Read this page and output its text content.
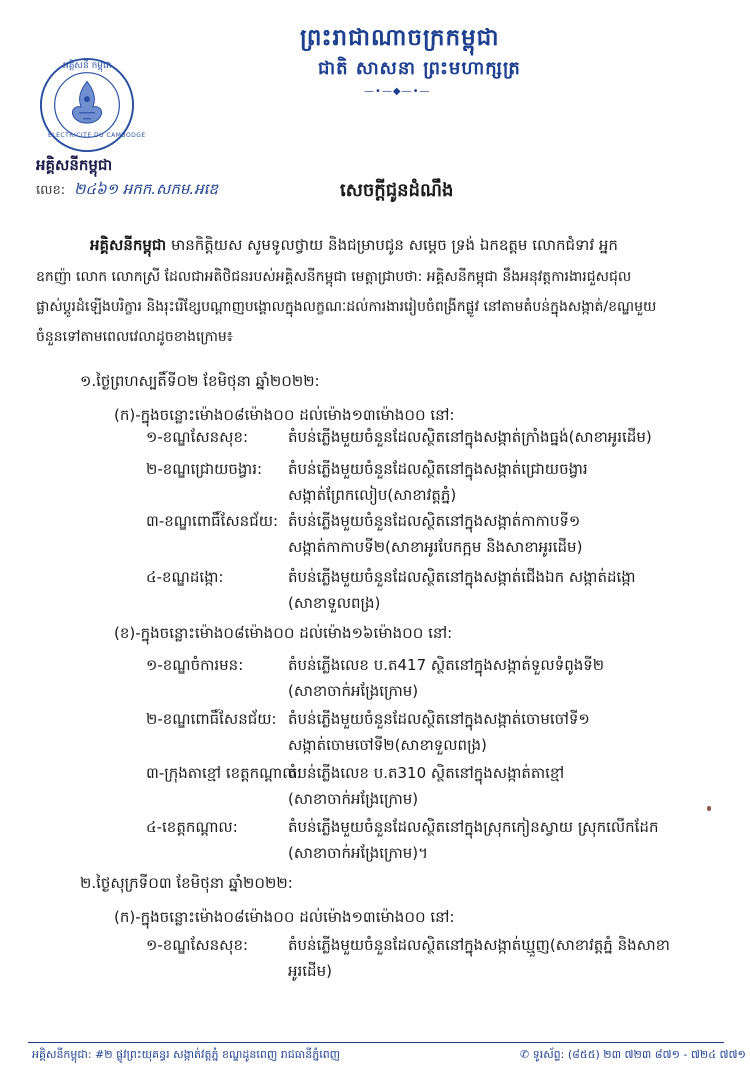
ព្រះរាជាណាចក្រកម្ពុជា
ជាតិ សាសនា ព្រះមហាក្សត្រ
—•—◆—•—
អគ្គិសនី កម្ពុជា
ELECTRICITE DU CAMBODGE
អគ្គិសនីកម្ពុជា
លេខ: ២៤៦១ អកក.សកម.អឌេ	សេចក្តីជូនដំណឹង
អគ្គិសនីកម្ពុជា មានកិត្តិយស សូមទូលថ្វាយ និងជម្រាបជូន សម្តេច ទ្រង់ ឯកឧត្តម លោកជំទាវ អ្នក
ឧកញ៉ា លោក លោកស្រី ដែលជាអតិថិជនរបស់អគ្គិសនីកម្ពុជា មេត្តាជ្រាបថា: អគ្គិសនីកម្ពុជា នឹងអនុវត្តការងារជួសជុល
ផ្លាស់ប្តូរដំឡើងបរិក្ខារ និងរុះរើខ្សែបណ្តាញបង្គោលក្នុងលក្ខណៈដល់ការងាររៀបចំពង្រីកផ្លូវ នៅតាមតំបន់ក្នុងសង្កាត់/ខណ្ឌមួយ
ចំនួនទៅតាមពេលវេលាដូចខាងក្រោម៖
១.ថ្ងៃព្រហស្បតិ៍ទី០២ ខែមិថុនា ឆ្នាំ២០២២:
(ក)-ក្នុងចន្លោះម៉ោង០៨ម៉ោង០០ ដល់ម៉ោង១៣ម៉ោង០០ នៅ:
១-ខណ្ឌសែនសុខ:	តំបន់ភ្លើងមួយចំនួនដែលស្ថិតនៅក្នុងសង្កាត់ក្រាំងធ្នង់(សាខាអូរដើម)
២-ខណ្ឌជ្រោយចង្វារ: តំបន់ភ្លើងមួយចំនួនដែលស្ថិតនៅក្នុងសង្កាត់ជ្រោយចង្វារ
សង្កាត់ព្រែកលៀប(សាខាវត្តភ្នំ)
៣-ខណ្ឌពោធិ៍សែនជ័យ: តំបន់ភ្លើងមួយចំនួនដែលស្ថិតនៅក្នុងសង្កាត់កាកាបទី១
សង្កាត់កាកាបទី២(សាខាអូរបែកក្អម និងសាខាអូរដើម)
៤-ខណ្ឌដង្កោ:	តំបន់ភ្លើងមួយចំនួនដែលស្ថិតនៅក្នុងសង្កាត់ជើងឯក សង្កាត់ដង្កោ
(សាខាទួលពង្រ)
(ខ)-ក្នុងចន្លោះម៉ោង០៨ម៉ោង០០ ដល់ម៉ោង១៦ម៉ោង០០ នៅ:
១-ខណ្ឌចំការមន:	តំបន់ភ្លើងលេខ ប.ត417 ស្ថិតនៅក្នុងសង្កាត់ទួលទំពូងទី២
(សាខាចាក់អង្រែក្រោម)
២-ខណ្ឌពោធិ៍សែនជ័យ: តំបន់ភ្លើងមួយចំនួនដែលស្ថិតនៅក្នុងសង្កាត់ចោមចៅទី១
សង្កាត់ចោមចៅទី២(សាខាទួលពង្រ)
៣-ក្រុងតាខ្មៅ ខេត្តកណ្តាល:
តំបន់ភ្លើងលេខ ប.ត310 ស្ថិតនៅក្នុងសង្កាត់តាខ្មៅ
(សាខាចាក់អង្រែក្រោម)
៤-ខេត្តកណ្តាល:	តំបន់ភ្លើងមួយចំនួនដែលស្ថិតនៅក្នុងស្រុកកៀនស្វាយ ស្រុកលើកដែក
(សាខាចាក់អង្រែក្រោម)។
២.ថ្ងៃសុក្រទី០៣ ខែមិថុនា ឆ្នាំ២០២២:
(ក)-ក្នុងចន្លោះម៉ោង០៨ម៉ោង០០ ដល់ម៉ោង១៣ម៉ោង០០ នៅ:
១-ខណ្ឌសែនសុខ:	តំបន់ភ្លើងមួយចំនួនដែលស្ថិតនៅក្នុងសង្កាត់ឃ្មួញ(សាខាវត្តភ្នំ និងសាខា
អូរដើម)
អគ្គិសនីកម្ពុជា: #២ ផ្លូវព្រះយុគន្ធរ សង្កាត់វត្តភ្នំ ខណ្ឌដូនពេញ រាជធានីភ្នំពេញ	✆ ទូរស័ព្ទ: (៨៥៥) ២៣ ៧២៣ ៨៧១ - ៧២៤ ៧៧១
